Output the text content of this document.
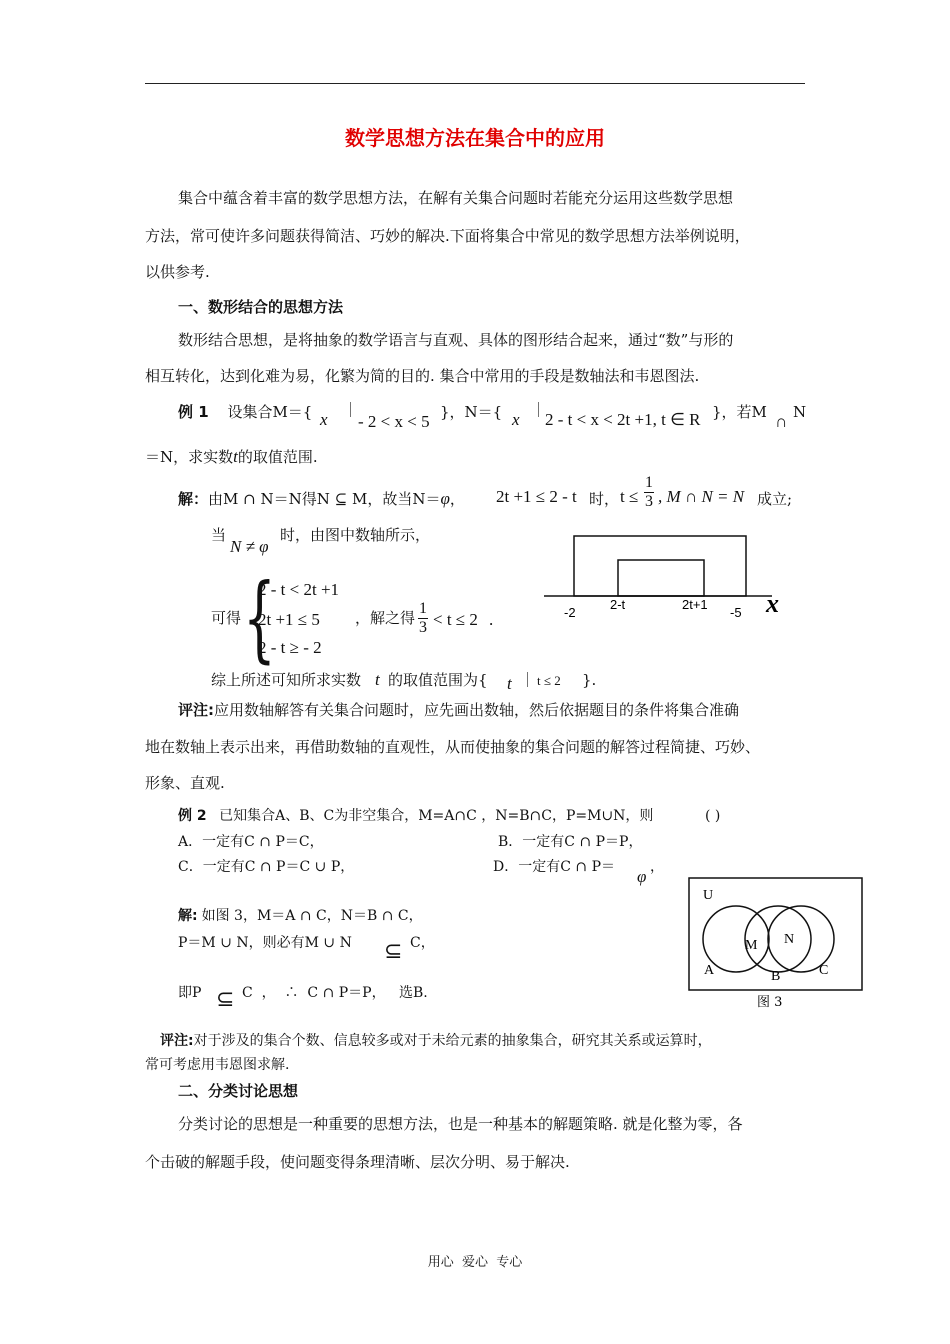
数学思想方法在集合中的应用
集合中蕴含着丰富的数学思想方法，在解有关集合问题时若能充分运用这些数学思想
方法，常可使许多问题获得简洁、巧妙的解决.下面将集合中常见的数学思想方法举例说明，
以供参考.
一、数形结合的思想方法
数形结合思想，是将抽象的数学语言与直观、具体的图形结合起来，通过“数”与形的
相互转化，达到化难为易，化繁为简的目的. 集合中常用的手段是数轴法和韦恩图法.
例 1 设集合M＝{ x ｜
- 2 < x < 5 }，N＝{ x ｜
2 - t < x < 2t +1, t ∈ R }，若M ∩ N
＝N，求实数t的取值范围.
解：由M ∩ N＝N得N ⊆ M，故当N＝φ， 2t +1 ≤ 2 - t 时， $t \le \frac{1}{3}$ , M ∩ N = N 成立;
当
N ≠ φ
时，由图中数轴所示，
可得 {
2 - t < 2t +1
2t +1 ≤ 5
2 - t ≥ - 2
，解之得 $\frac{1}{3} < t \le 2$ .	-2
2-t	2t+1
-5 x
综上所述可知所求实数 t 的取值范围为{ t ｜ t ≤ 2 }.
评注:应用数轴解答有关集合问题时，应先画出数轴，然后依据题目的条件将集合准确
地在数轴上表示出来，再借助数轴的直观性，从而使抽象的集合问题的解答过程简捷、巧妙、
形象、直观.
例 2 已知集合A、B、C为非空集合，M=A∩C ，N=B∩C，P=M∪N，则	( )
A．一定有C ∩ P＝C，	B．一定有C ∩ P＝P，
C．一定有C ∩ P＝C ∪ P，	D．一定有C ∩ P＝ φ ，
解: 如图 3，M＝A ∩ C，N＝B ∩ C，
P＝M ∪ N，则必有M ∪ N ⊆ C，
即P ⊆ C  ，  ∴  C ∩ P＝P，   选B.
U
M N
A	B	C
图 3
评注:对于涉及的集合个数、信息较多或对于未给元素的抽象集合，研究其关系或运算时，
常可考虑用韦恩图求解.
二、分类讨论思想
分类讨论的思想是一种重要的思想方法，也是一种基本的解题策略. 就是化整为零，各
个击破的解题手段，使问题变得条理清晰、层次分明、易于解决.
用心  爱心  专心
